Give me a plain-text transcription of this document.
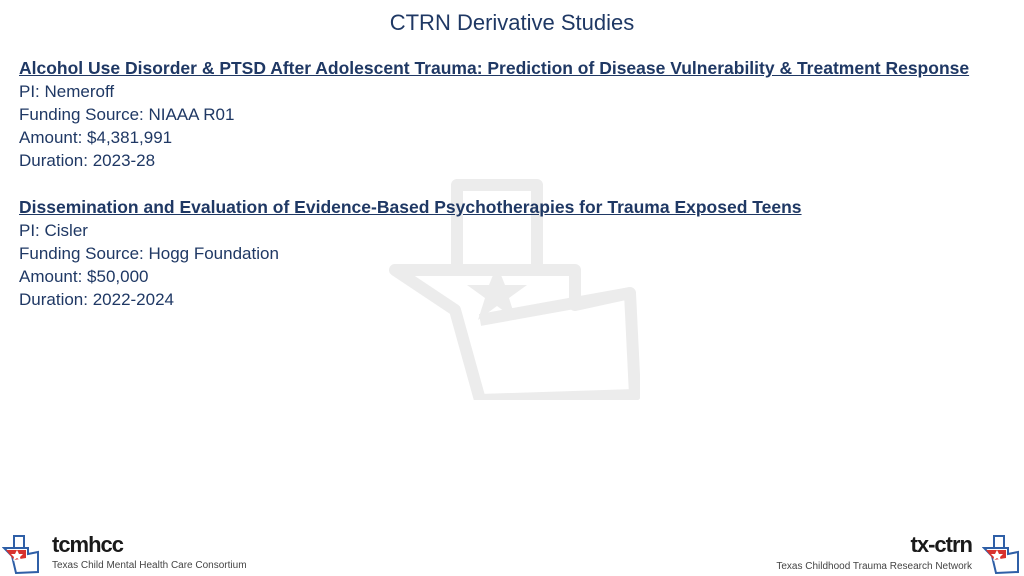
CTRN Derivative Studies
Alcohol Use Disorder & PTSD After Adolescent Trauma: Prediction of Disease Vulnerability & Treatment Response
PI: Nemeroff
Funding Source: NIAAA R01
Amount: $4,381,991
Duration: 2023-28
Dissemination and Evaluation of Evidence-Based Psychotherapies for Trauma Exposed Teens
PI: Cisler
Funding Source: Hogg Foundation
Amount: $50,000
Duration: 2022-2024
tcmhcc
Texas Child Mental Health Care Consortium
tx-ctrn
Texas Childhood Trauma Research Network
